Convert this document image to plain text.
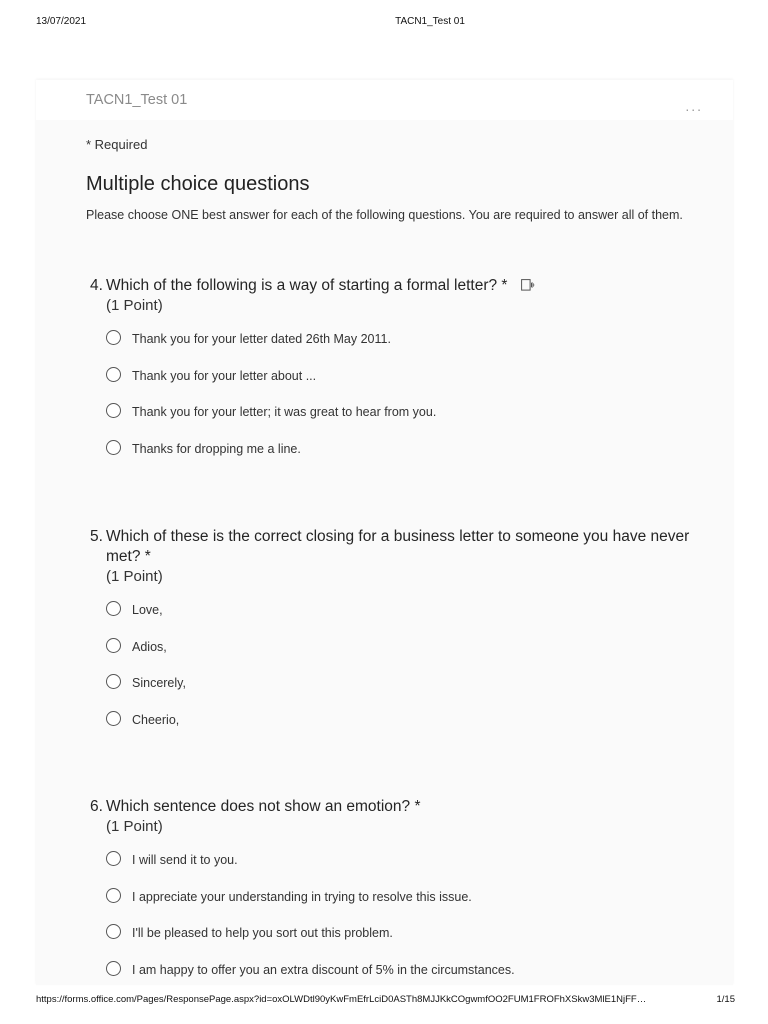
13/07/2021	TACN1_Test 01
TACN1_Test 01	...
* Required
Multiple choice questions
Please choose ONE best answer for each of the following questions. You are required to answer all of them.
4. Which of the following is a way of starting a formal letter? *
(1 Point)
Thank you for your letter dated 26th May 2011.
Thank you for your letter about ...
Thank you for your letter; it was great to hear from you.
Thanks for dropping me a line.
5. Which of these is the correct closing for a business letter to someone you have never met? *
(1 Point)
Love,
Adios,
Sincerely,
Cheerio,
6. Which sentence does not show an emotion? *
(1 Point)
I will send it to you.
I appreciate your understanding in trying to resolve this issue.
I'll be pleased to help you sort out this problem.
I am happy to offer you an extra discount of 5% in the circumstances.
https://forms.office.com/Pages/ResponsePage.aspx?id=oxOLWDtl90yKwFmEfrLciD0ASTh8MJJKkCOgwmfOO2FUM1FROFhXSkw3MlE1NjFF…	1/15
